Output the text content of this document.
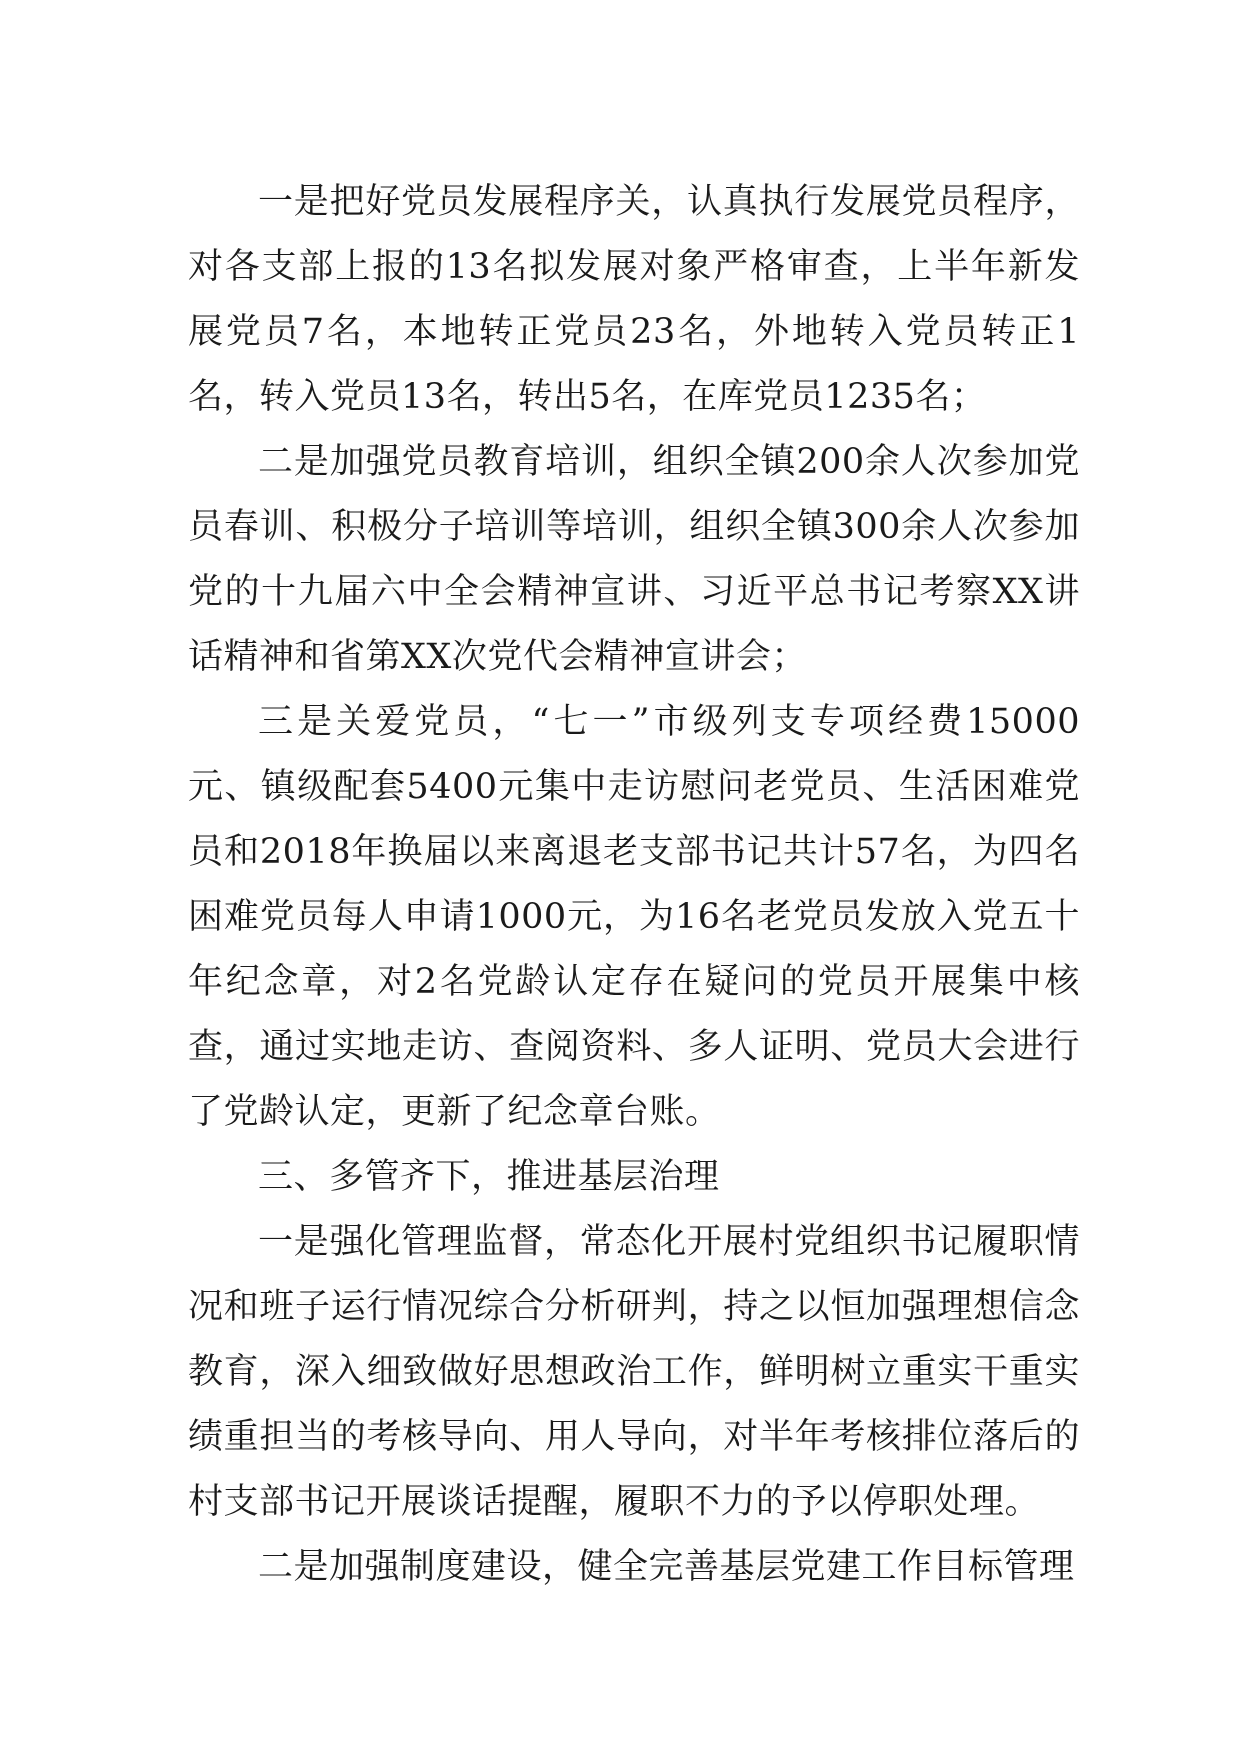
一是把好党员发展程序关，认真执行发展党员程序，对各支部上报的13名拟发展对象严格审查，上半年新发展党员7名，本地转正党员23名，外地转入党员转正1名，转入党员13名，转出5名，在库党员1235名；

二是加强党员教育培训，组织全镇200余人次参加党员春训、积极分子培训等培训，组织全镇300余人次参加党的十九届六中全会精神宣讲、习近平总书记考察XX讲话精神和省第XX次党代会精神宣讲会；

三是关爱党员，“七一”市级列支专项经费15000元、镇级配套5400元集中走访慰问老党员、生活困难党员和2018年换届以来离退老支部书记共计57名，为四名困难党员每人申请1000元，为16名老党员发放入党五十年纪念章，对2名党龄认定存在疑问的党员开展集中核查，通过实地走访、查阅资料、多人证明、党员大会进行了党龄认定，更新了纪念章台账。

三、多管齐下，推进基层治理

一是强化管理监督，常态化开展村党组织书记履职情况和班子运行情况综合分析研判，持之以恒加强理想信念教育，深入细致做好思想政治工作，鲜明树立重实干重实绩重担当的考核导向、用人导向，对半年考核排位落后的村支部书记开展谈话提醒，履职不力的予以停职处理。

二是加强制度建设，健全完善基层党建工作目标管理
